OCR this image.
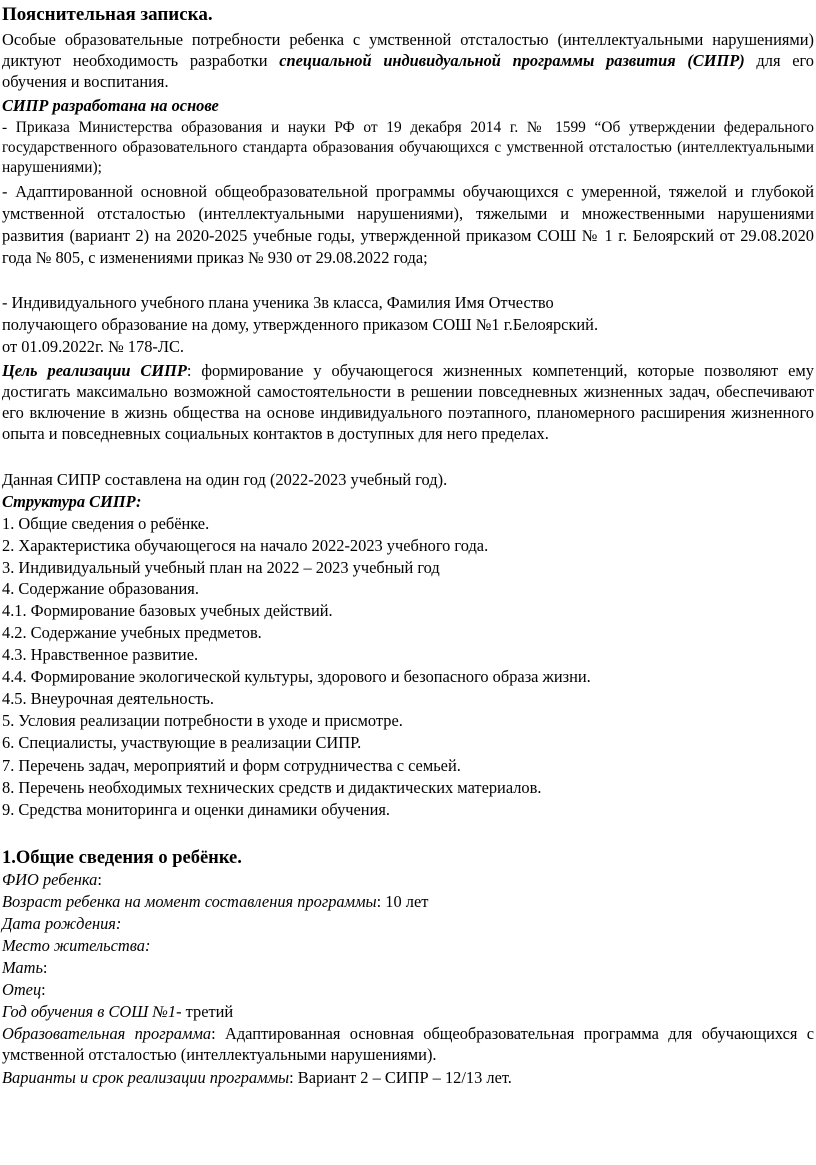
Пояснительная записка.
Особые образовательные потребности ребенка с умственной отсталостью (интеллектуальными нарушениями) диктуют необходимость разработки специальной индивидуальной программы развития (СИПР) для его обучения и воспитания.
СИПР разработана на основе
- Приказа Министерства образования и науки РФ от 19 декабря 2014 г. № 1599 “Об утверждении федерального государственного образовательного стандарта образования обучающихся с умственной отсталостью (интеллектуальными нарушениями);
- Адаптированной основной общеобразовательной программы обучающихся с умеренной, тяжелой и глубокой умственной отсталостью (интеллектуальными нарушениями), тяжелыми и множественными нарушениями развития (вариант 2) на 2020-2025 учебные годы, утвержденной приказом СОШ № 1 г. Белоярский от 29.08.2020 года № 805, с изменениями приказ № 930 от 29.08.2022 года;
- Индивидуального учебного плана ученика 3в класса, Фамилия Имя Отчество
получающего образование на дому, утвержденного приказом СОШ №1 г.Белоярский.
от 01.09.2022г. № 178-ЛС.
Цель реализации СИПР: формирование у обучающегося жизненных компетенций, которые позволяют ему достигать максимально возможной самостоятельности в решении повседневных жизненных задач, обеспечивают его включение в жизнь общества на основе индивидуального поэтапного, планомерного расширения жизненного опыта и повседневных социальных контактов в доступных для него пределах.
Данная СИПР составлена на один год (2022-2023 учебный год).
Структура СИПР:
1. Общие сведения о ребёнке.
2. Характеристика обучающегося на начало 2022-2023 учебного года.
3. Индивидуальный учебный план на 2022 – 2023 учебный год
4. Содержание образования.
4.1. Формирование базовых учебных действий.
4.2. Содержание учебных предметов.
4.3. Нравственное развитие.
4.4. Формирование экологической культуры, здорового и безопасного образа жизни.
4.5. Внеурочная деятельность.
5. Условия реализации потребности в уходе и присмотре.
6. Специалисты, участвующие в реализации СИПР.
7. Перечень задач, мероприятий и форм сотрудничества с семьей.
8. Перечень необходимых технических средств и дидактических материалов.
9. Средства мониторинга и оценки динамики обучения.
1.Общие сведения о ребёнке.
ФИО ребенка:
Возраст ребенка на момент составления программы: 10 лет
Дата рождения:
Место жительства:
Мать:
Отец:
Год обучения в СОШ №1- третий
Образовательная программа: Адаптированная основная общеобразовательная программа для обучающихся с умственной отсталостью (интеллектуальными нарушениями).
Варианты и срок реализации программы: Вариант 2 – СИПР – 12/13 лет.
